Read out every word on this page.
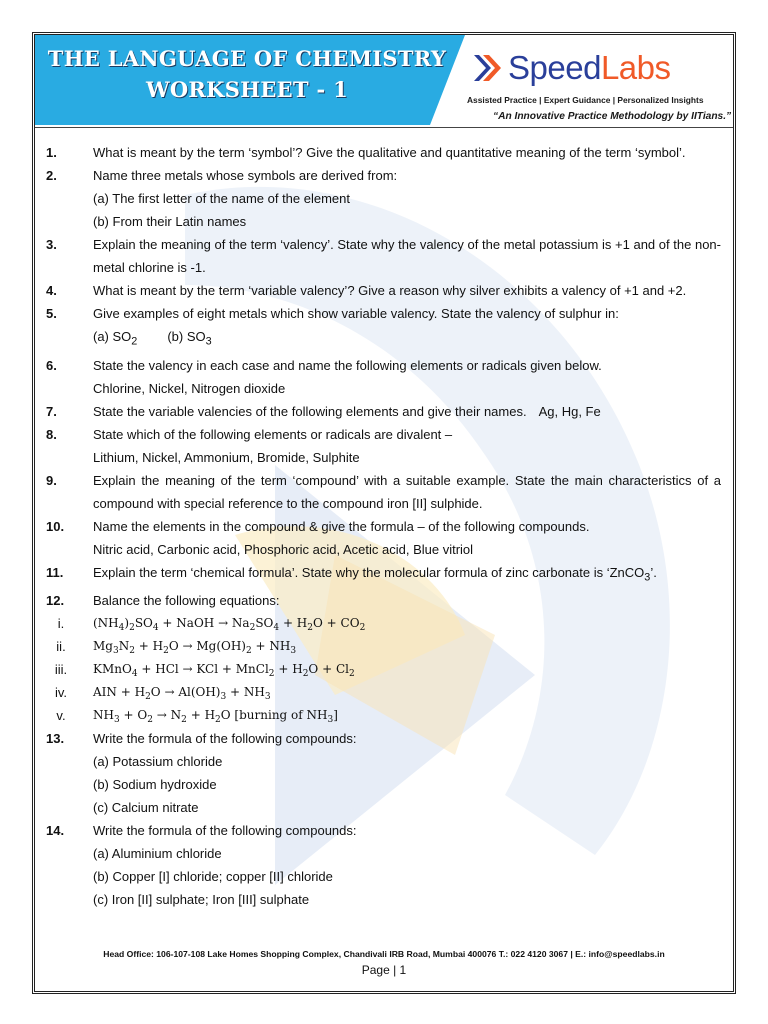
THE LANGUAGE OF CHEMISTRY
WORKSHEET - 1
SpeedLabs
Assisted Practice | Expert Guidance | Personalized Insights
“An Innovative Practice Methodology by IITians.”
1.	What is meant by the term ‘symbol’? Give the qualitative and quantitative meaning of the term ‘symbol’.
2.	Name three metals whose symbols are derived from:
(a) The first letter of the name of the element
(b) From their Latin names
3.	Explain the meaning of the term ‘valency’. State why the valency of the metal potassium is +1 and of the non-metal chlorine is -1.
4.	What is meant by the term ‘variable valency’? Give a reason why silver exhibits a valency of +1 and +2.
5.	Give examples of eight metals which show variable valency. State the valency of sulphur in:
(a) $SO_2$ (b) $SO_3$
6.	State the valency in each case and name the following elements or radicals given below.
Chlorine, Nickel, Nitrogen dioxide
7.	State the variable valencies of the following elements and give their names. Ag, Hg, Fe
8.	State which of the following elements or radicals are divalent –
Lithium, Nickel, Ammonium, Bromide, Sulphite
9.	Explain the meaning of the term ‘compound’ with a suitable example. State the main characteristics of a compound with special reference to the compound iron [II] sulphide.
10. Name the elements in the compound & give the formula – of the following compounds.
Nitric acid, Carbonic acid, Phosphoric acid, Acetic acid, Blue vitriol
11. Explain the term ‘chemical formula’. State why the molecular formula of zinc carbonate is ‘ZnCO$_3$’.
12. Balance the following equations:
i.	$(NH_4)_2SO_4$ + NaOH → $Na_2SO_4 + H_2O + CO_2$
ii.	$Mg_3N_2 + H_2O \to Mg(OH)_2 + NH_3$
iii.	KMnO$_4$ + HCl → KCl + MnCl$_2$ + $H_2O + Cl_2$
iv.	AIN + $H_2O \to Al(OH)_3 + NH_3$
v.	$NH_3 + O_2 \to N_2 + H_2O$ [burning of $NH_3$]
13. Write the formula of the following compounds:
(a) Potassium chloride
(b) Sodium hydroxide
(c) Calcium nitrate
14. Write the formula of the following compounds:
(a) Aluminium chloride
(b) Copper [I] chloride; copper [II] chloride
(c) Iron [II] sulphate; Iron [III] sulphate
Head Office: 106-107-108 Lake Homes Shopping Complex, Chandivali IRB Road, Mumbai 400076 T.: 022 4120 3067 | E.: info@speedlabs.in
Page | 1
